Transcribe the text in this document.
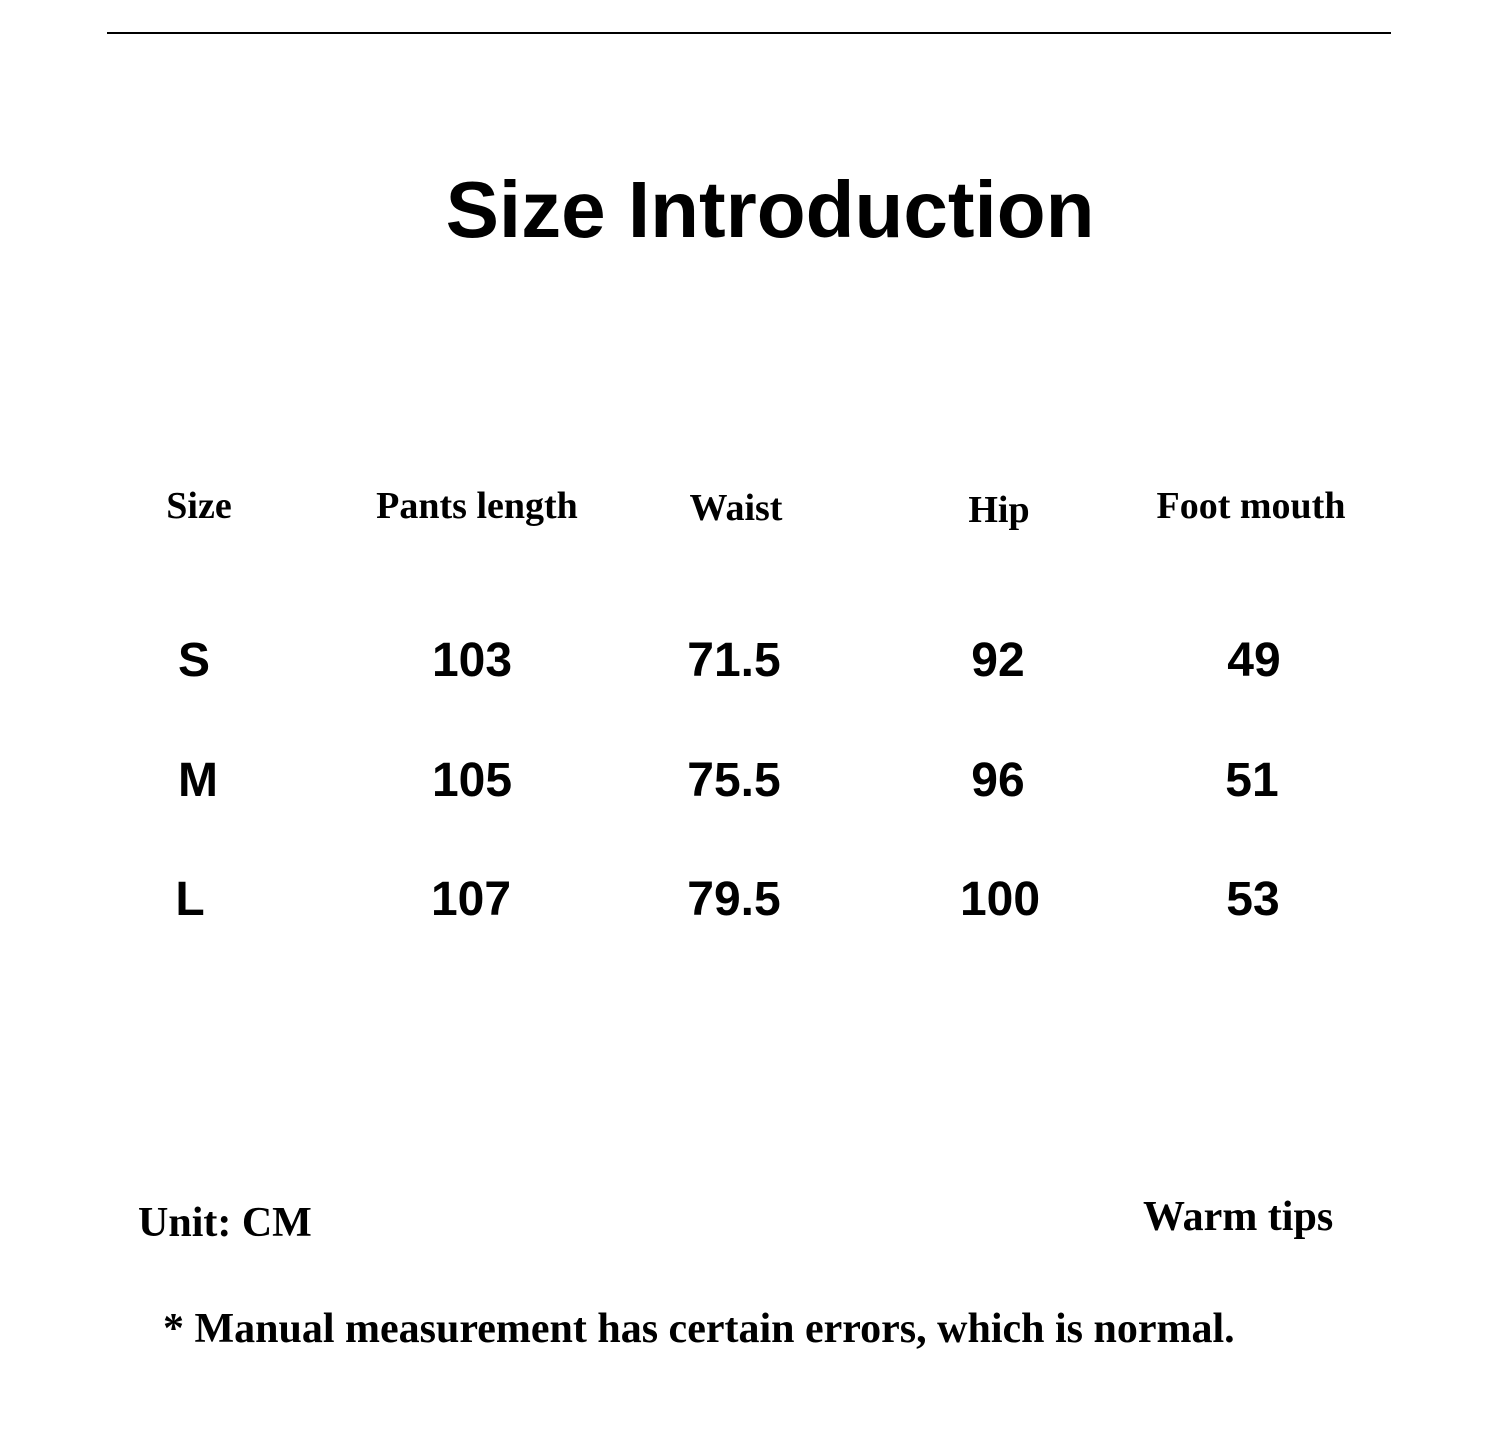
Size Introduction
Size	Pants length	Waist	Hip	Foot mouth
S	103	71.5	92	49
M	105	75.5	96	51
L	107	79.5	100	53
Unit: CM	Warm tips
* Manual measurement has certain errors, which is normal.
